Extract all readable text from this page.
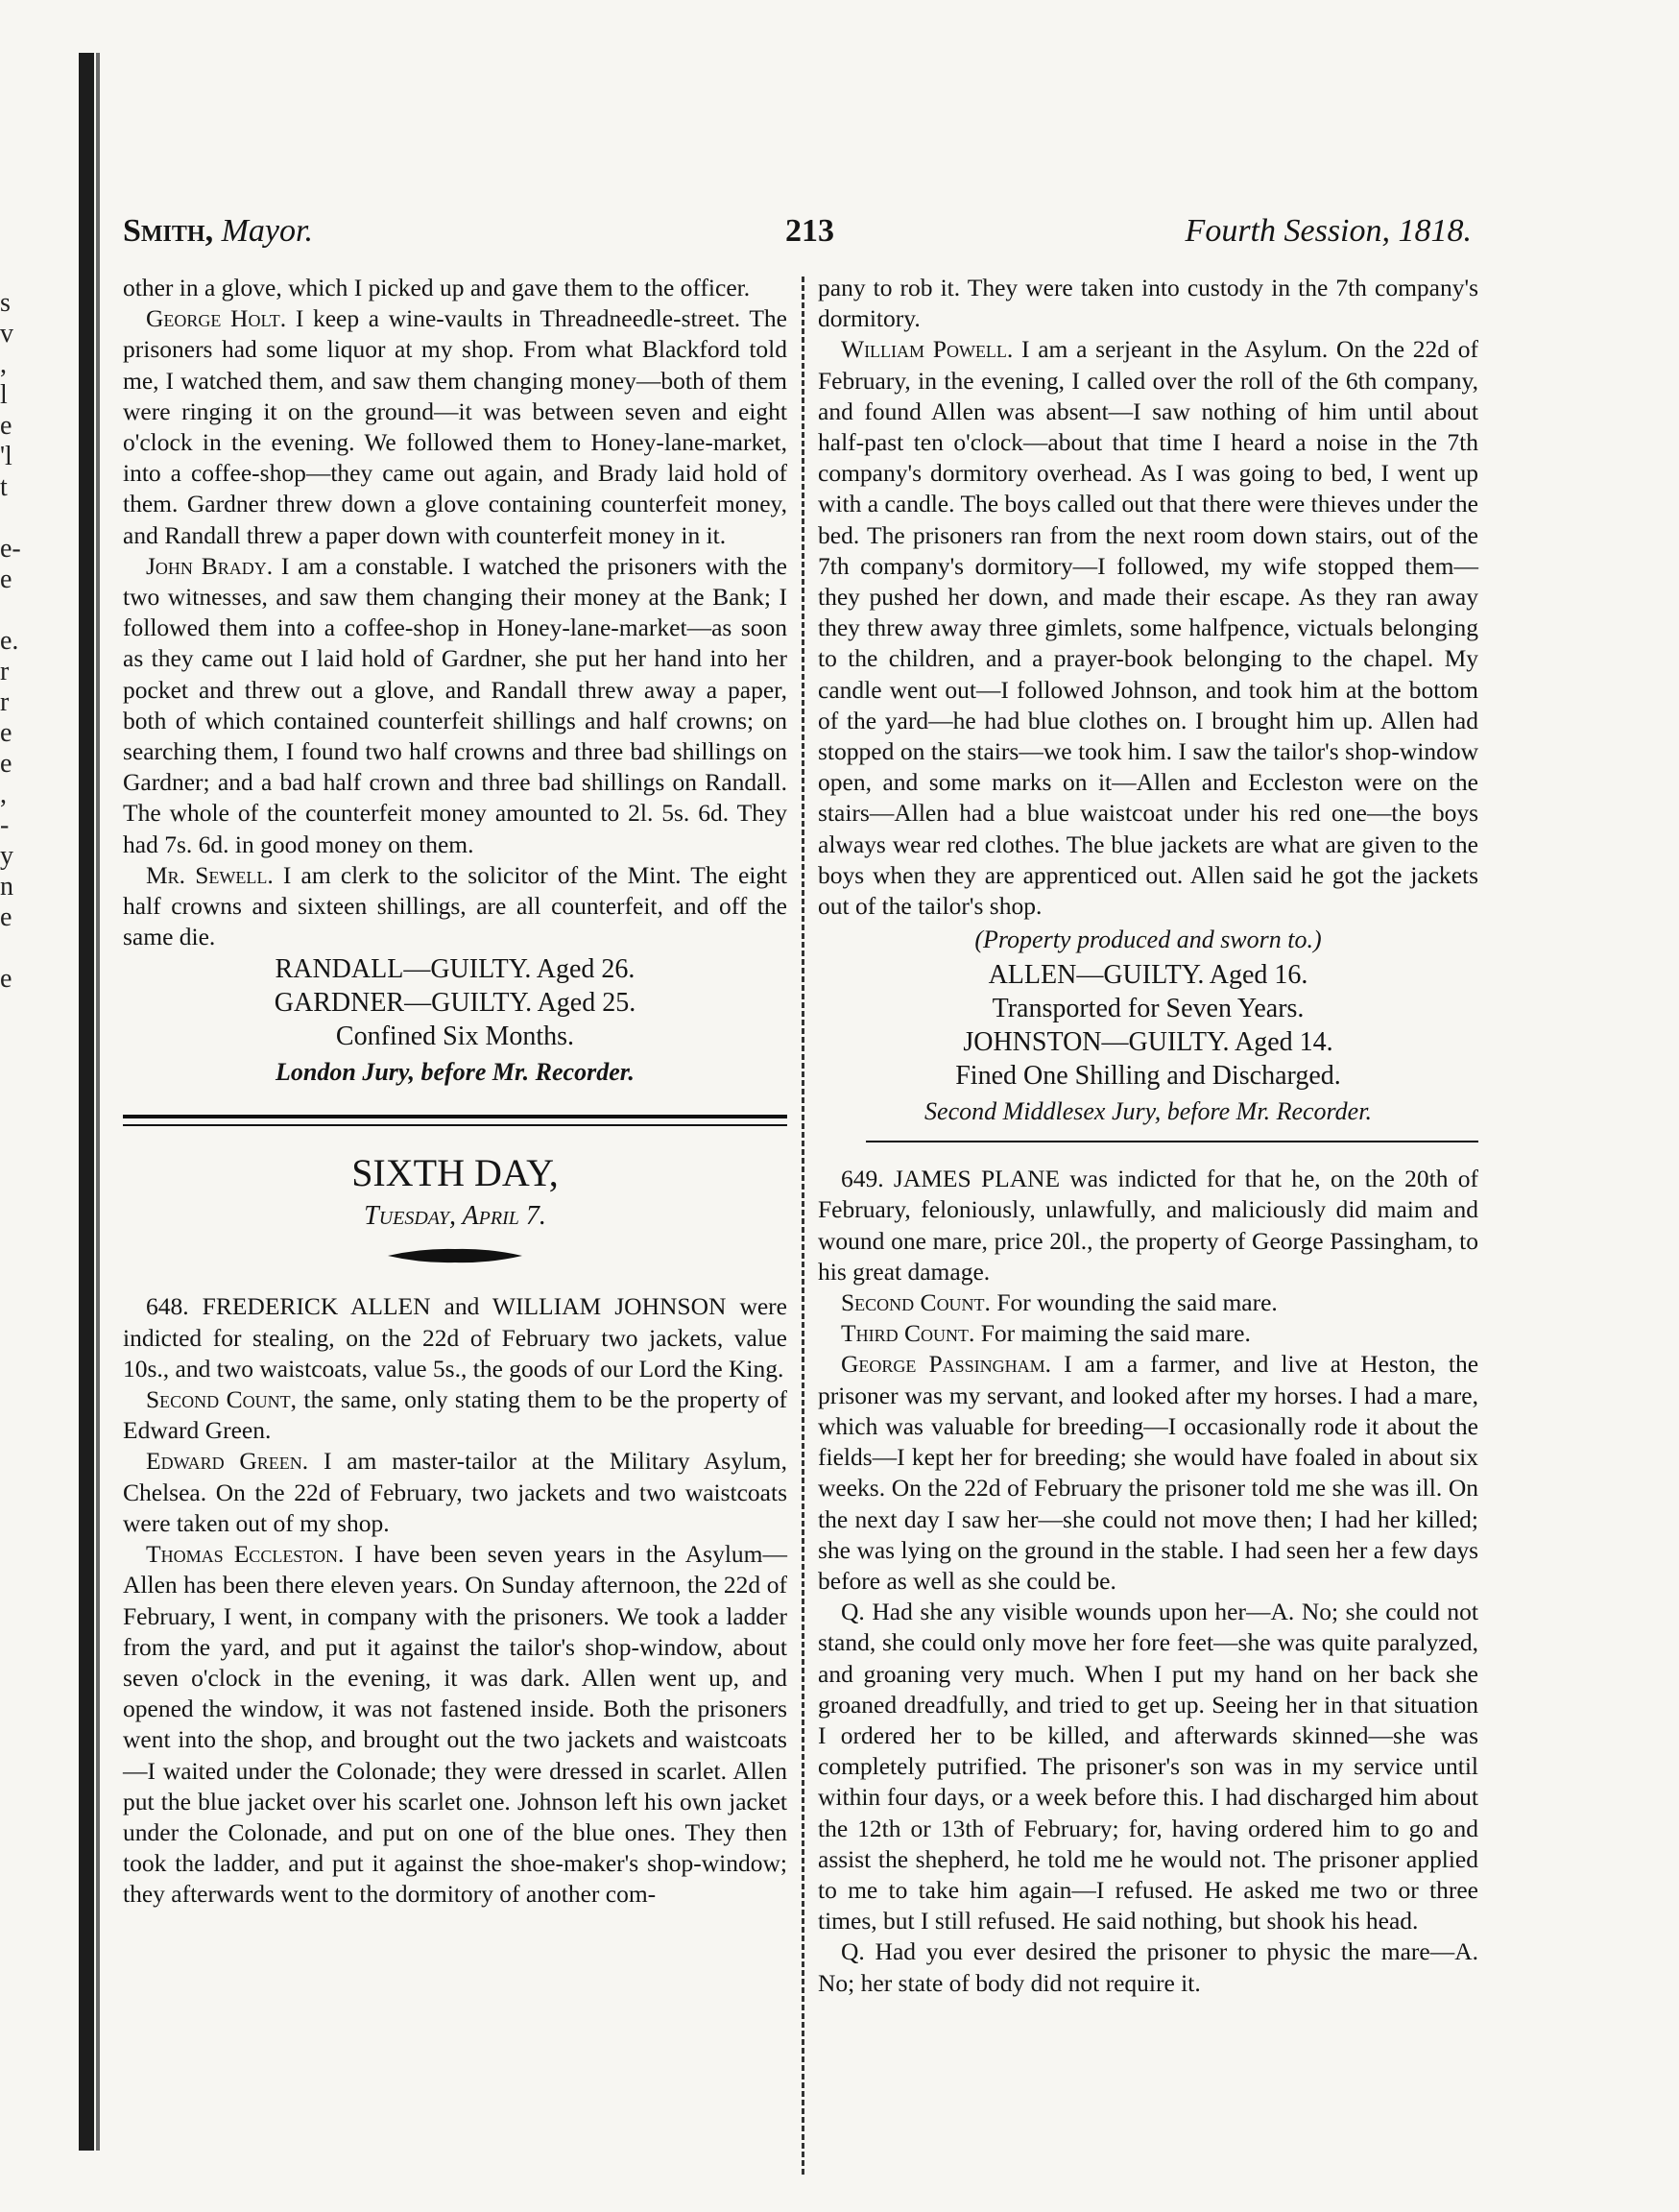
s
v
,
l
e
'l
t

e-
e

e.
r
r
e
e
,
-
y
n
e

e
Smith, Mayor.	213	Fourth Session, 1818.

other in a glove, which I picked up and gave them to the officer.

George Holt. I keep a wine-vaults in Threadneedle-street. The prisoners had some liquor at my shop. From what Blackford told me, I watched them, and saw them changing money—both of them were ringing it on the ground—it was between seven and eight o'clock in the evening. We followed them to Honey-lane-market, into a coffee-shop—they came out again, and Brady laid hold of them. Gardner threw down a glove containing counterfeit money, and Randall threw a paper down with counterfeit money in it.

John Brady. I am a constable. I watched the prisoners with the two witnesses, and saw them changing their money at the Bank; I followed them into a coffee-shop in Honey-lane-market—as soon as they came out I laid hold of Gardner, she put her hand into her pocket and threw out a glove, and Randall threw away a paper, both of which contained counterfeit shillings and half crowns; on searching them, I found two half crowns and three bad shillings on Gardner; and a bad half crown and three bad shillings on Randall. The whole of the counterfeit money amounted to 2l. 5s. 6d. They had 7s. 6d. in good money on them.

Mr. Sewell. I am clerk to the solicitor of the Mint. The eight half crowns and sixteen shillings, are all counterfeit, and off the same die.

RANDALL—GUILTY. Aged 26.

GARDNER—GUILTY. Aged 25.

Confined Six Months.

London Jury, before Mr. Recorder.

SIXTH DAY,

Tuesday, April 7.

648. FREDERICK ALLEN and WILLIAM JOHNSON were indicted for stealing, on the 22d of February two jackets, value 10s., and two waistcoats, value 5s., the goods of our Lord the King.

Second Count, the same, only stating them to be the property of Edward Green.

Edward Green. I am master-tailor at the Military Asylum, Chelsea. On the 22d of February, two jackets and two waistcoats were taken out of my shop.

Thomas Eccleston. I have been seven years in the Asylum—Allen has been there eleven years. On Sunday afternoon, the 22d of February, I went, in company with the prisoners. We took a ladder from the yard, and put it against the tailor's shop-window, about seven o'clock in the evening, it was dark. Allen went up, and opened the window, it was not fastened inside. Both the prisoners went into the shop, and brought out the two jackets and waistcoats—I waited under the Colonade; they were dressed in scarlet. Allen put the blue jacket over his scarlet one. Johnson left his own jacket under the Colonade, and put on one of the blue ones. They then took the ladder, and put it against the shoe-maker's shop-window; they afterwards went to the dormitory of another com-

pany to rob it. They were taken into custody in the 7th company's dormitory.

William Powell. I am a serjeant in the Asylum. On the 22d of February, in the evening, I called over the roll of the 6th company, and found Allen was absent—I saw nothing of him until about half-past ten o'clock—about that time I heard a noise in the 7th company's dormitory overhead. As I was going to bed, I went up with a candle. The boys called out that there were thieves under the bed. The prisoners ran from the next room down stairs, out of the 7th company's dormitory—I followed, my wife stopped them—they pushed her down, and made their escape. As they ran away they threw away three gimlets, some halfpence, victuals belonging to the children, and a prayer-book belonging to the chapel. My candle went out—I followed Johnson, and took him at the bottom of the yard—he had blue clothes on. I brought him up. Allen had stopped on the stairs—we took him. I saw the tailor's shop-window open, and some marks on it—Allen and Eccleston were on the stairs—Allen had a blue waistcoat under his red one—the boys always wear red clothes. The blue jackets are what are given to the boys when they are apprenticed out. Allen said he got the jackets out of the tailor's shop.

(Property produced and sworn to.)

ALLEN—GUILTY. Aged 16.

Transported for Seven Years.

JOHNSTON—GUILTY. Aged 14.

Fined One Shilling and Discharged.

Second Middlesex Jury, before Mr. Recorder.

649. JAMES PLANE was indicted for that he, on the 20th of February, feloniously, unlawfully, and maliciously did maim and wound one mare, price 20l., the property of George Passingham, to his great damage.

Second Count. For wounding the said mare.

Third Count. For maiming the said mare.

George Passingham. I am a farmer, and live at Heston, the prisoner was my servant, and looked after my horses. I had a mare, which was valuable for breeding—I occasionally rode it about the fields—I kept her for breeding; she would have foaled in about six weeks. On the 22d of February the prisoner told me she was ill. On the next day I saw her—she could not move then; I had her killed; she was lying on the ground in the stable. I had seen her a few days before as well as she could be.

Q. Had she any visible wounds upon her—A. No; she could not stand, she could only move her fore feet—she was quite paralyzed, and groaning very much. When I put my hand on her back she groaned dreadfully, and tried to get up. Seeing her in that situation I ordered her to be killed, and afterwards skinned—she was completely putrified. The prisoner's son was in my service until within four days, or a week before this. I had discharged him about the 12th or 13th of February; for, having ordered him to go and assist the shepherd, he told me he would not. The prisoner applied to me to take him again—I refused. He asked me two or three times, but I still refused. He said nothing, but shook his head.

Q. Had you ever desired the prisoner to physic the mare—A. No; her state of body did not require it.
